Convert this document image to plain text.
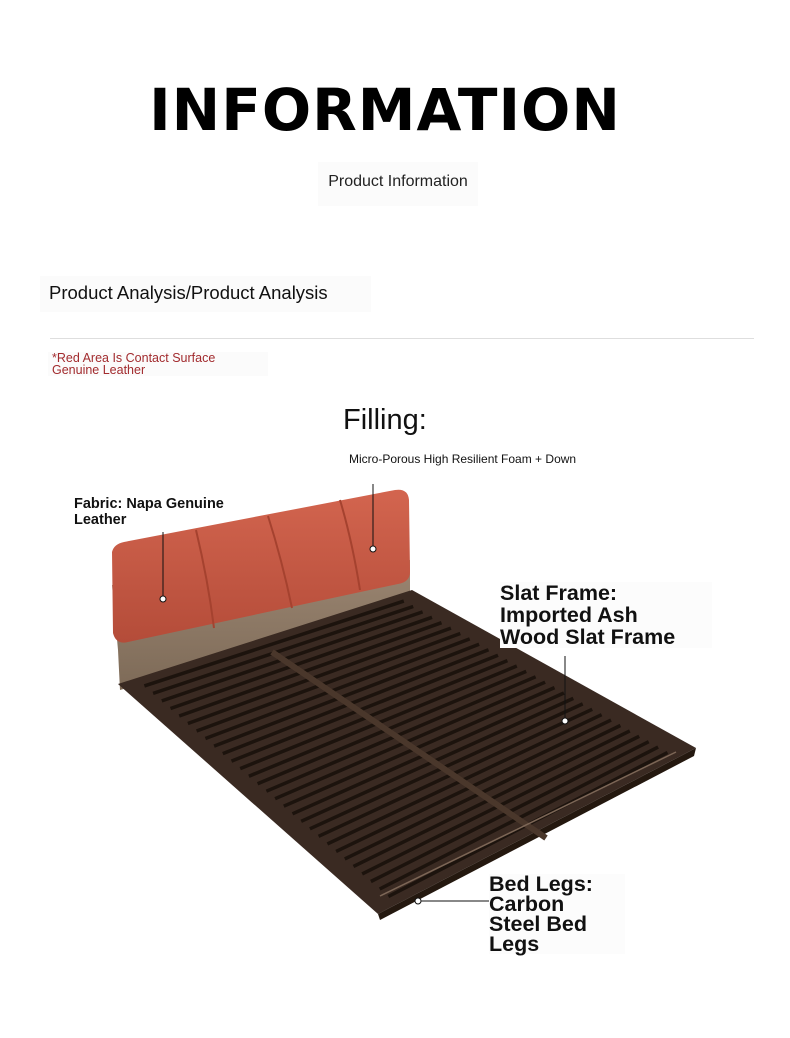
INFORMATION
Product Information
Product Analysis/Product Analysis
*Red Area Is Contact Surface
Genuine Leather
Filling:
Micro-Porous High Resilient Foam + Down
Fabric: Napa Genuine Leather
Slat Frame:
Imported Ash
Wood Slat Frame
Bed Legs:
Carbon
Steel Bed
Legs
